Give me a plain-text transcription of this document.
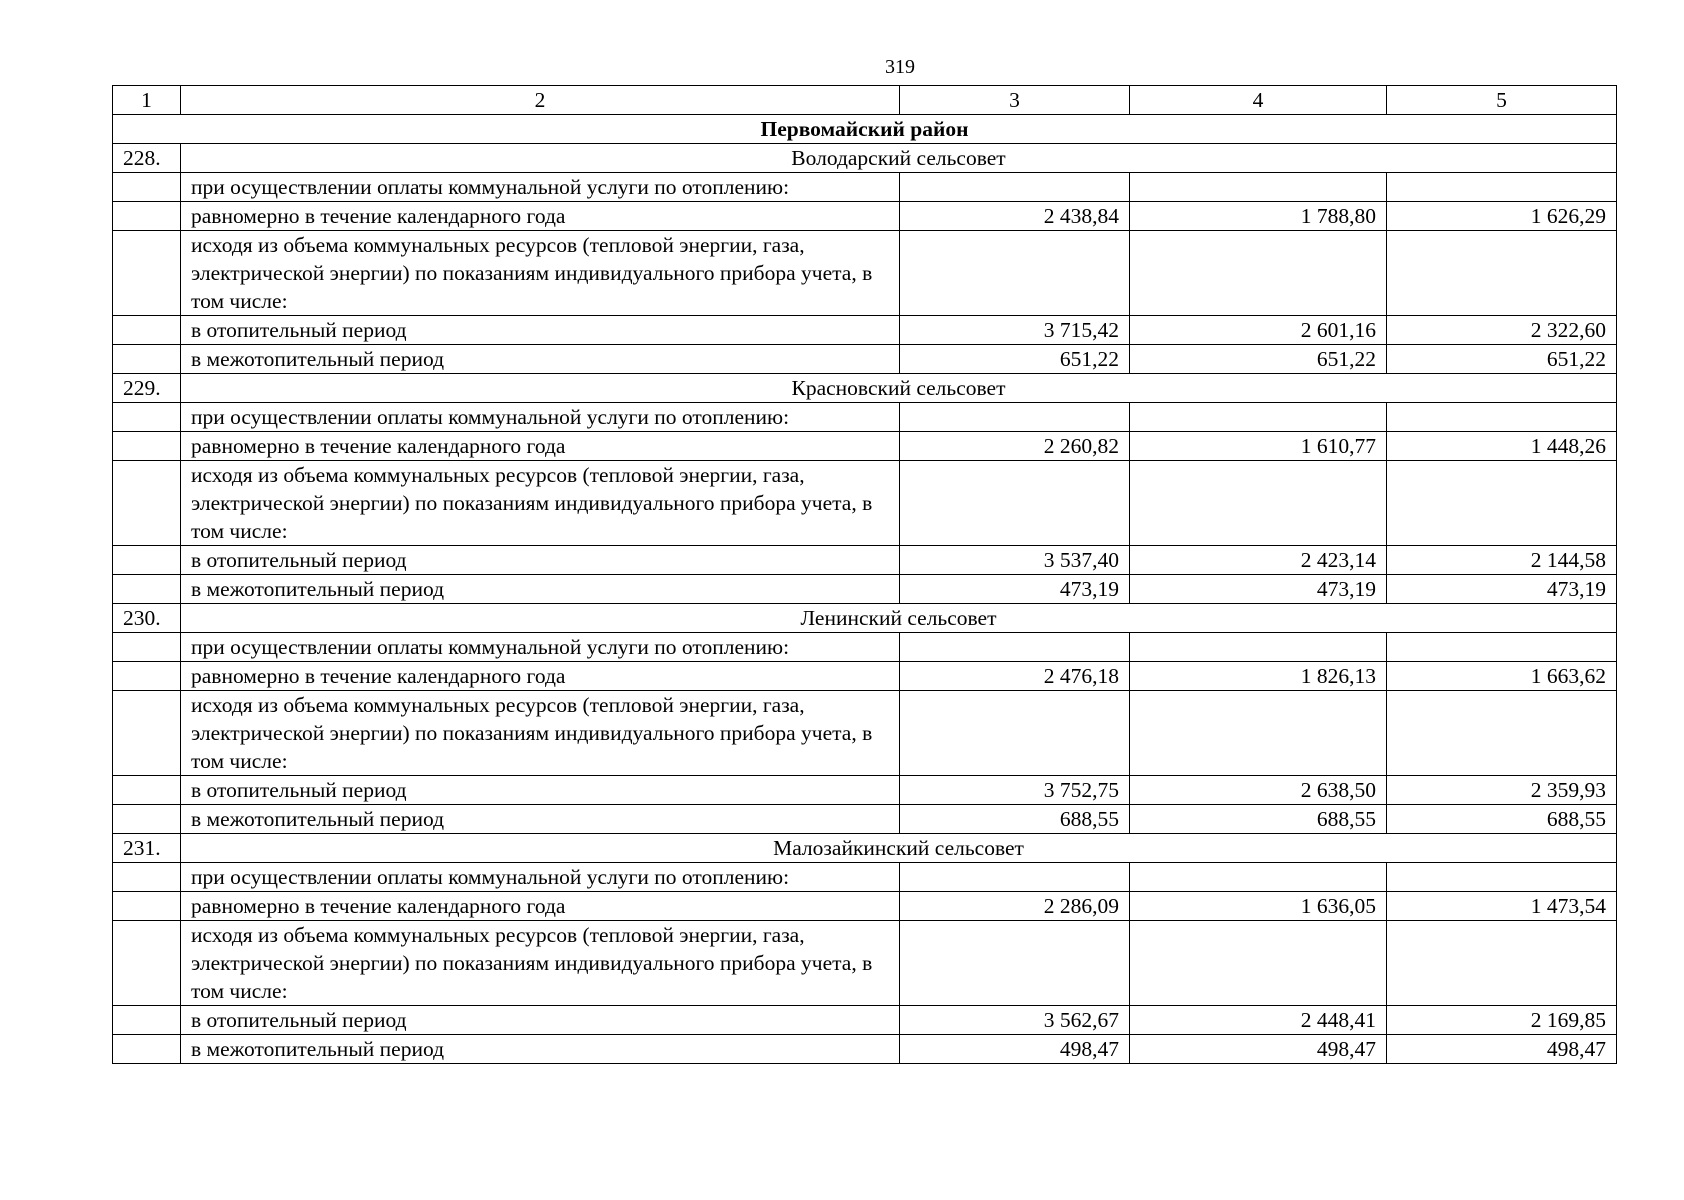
319
1	2	3	4	5
Первомайский район				
228.	Володарский сельсовет			
	при осуществлении оплаты коммунальной услуги по отоплению:			
	равномерно в течение календарного года	2 438,84	1 788,80	1 626,29
	исходя из объема коммунальных ресурсов (тепловой энергии, газа, электрической энергии) по показаниям индивидуального прибора учета, в том числе:			
	в отопительный период	3 715,42	2 601,16	2 322,60
	в межотопительный период	651,22	651,22	651,22
229.	Красновский сельсовет			
	при осуществлении оплаты коммунальной услуги по отоплению:			
	равномерно в течение календарного года	2 260,82	1 610,77	1 448,26
	исходя из объема коммунальных ресурсов (тепловой энергии, газа, электрической энергии) по показаниям индивидуального прибора учета, в том числе:			
	в отопительный период	3 537,40	2 423,14	2 144,58
	в межотопительный период	473,19	473,19	473,19
230.	Ленинский сельсовет			
	при осуществлении оплаты коммунальной услуги по отоплению:			
	равномерно в течение календарного года	2 476,18	1 826,13	1 663,62
	исходя из объема коммунальных ресурсов (тепловой энергии, газа, электрической энергии) по показаниям индивидуального прибора учета, в том числе:			
	в отопительный период	3 752,75	2 638,50	2 359,93
	в межотопительный период	688,55	688,55	688,55
231.	Малозайкинский сельсовет			
	при осуществлении оплаты коммунальной услуги по отоплению:			
	равномерно в течение календарного года	2 286,09	1 636,05	1 473,54
	исходя из объема коммунальных ресурсов (тепловой энергии, газа, электрической энергии) по показаниям индивидуального прибора учета, в том числе:			
	в отопительный период	3 562,67	2 448,41	2 169,85
	в межотопительный период	498,47	498,47	498,47
